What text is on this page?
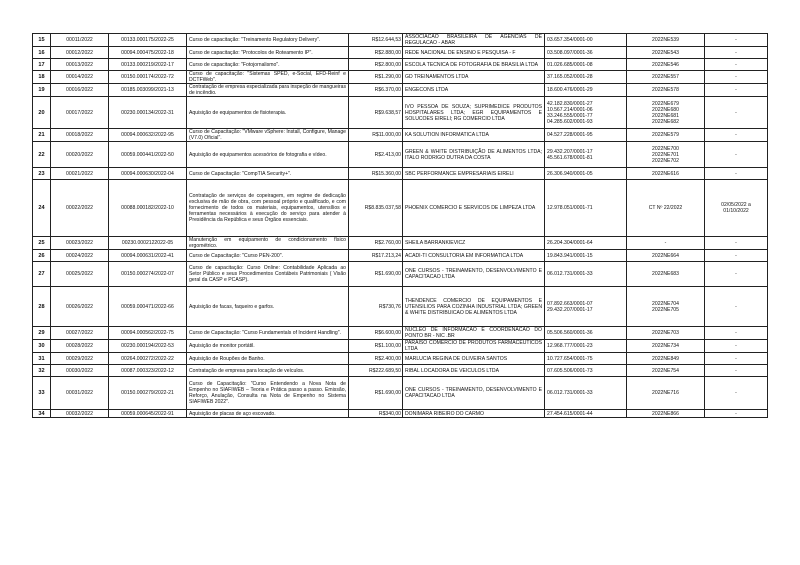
15	00011/2022	00133.000175/2022-25	Curso de capacitação: "Treinamento Regulatory Delivery".	R$12.644,53	ASSOCIACAO BRASILEIRA DE AGENCIAS DE REGULACAO - ABAR	03.657.354/0001-00	2022NE539	-

16	00012/2022	00094.000475/2022-18	Curso de capacitação: "Protocolos de Roteamento IP".	R$2.880,00	REDE NACIONAL DE ENSINO E PESQUISA - F	03.508.097/0001-36	2022NE543	-

17	00013/2022	00133.000219/2022-17	Curso de capacitação: "Fotojornalismo".	R$2.800,00	ESCOLA TECNICA DE FOTOGRAFIA DE BRASILIA LTDA	01.026.685/0001-08	2022NE546	-

18	00014/2022	00150.000174/2022-72	Curso de capacitação: "Sistemas SPED, e-Social, EFD-Reinf e DCTFWeb".	R$1.290,00	GD TREINAMENTOS LTDA	37.165.052/0001-28	2022NE557	-

19	00016/2022	00185.003099/2021-13	Contratação de empresa especializada para inspeção de mangueiras de incêndio.	R$6.370,00	ENGECONS LTDA	18.600.476/0001-29	2022NE578	-

20	00017/2022	00230.000134/2022-31	Aquisição de equipamentos de fisioterapia.	R$9.638,57	IVO PESSOA DE SOUZA; SUPRIMEDICE PRODUTOS HOSPITALARES LTDA; EGR EQUIPAMENTOS E SOLUCOES EIRELI; RG COMERCIO LTDA	42.182.830/0001-27
10.567.214/0001-06
33.246.555/0001-77
04.285.602/0001-93	2022NE679
2022NE680
2022NE681
2022NE682	-

21	00018/2022	00094.000632/2022-95	Curso de Capacitação: "VMware vSphere: Install, Configure, Manage (V7.0) Oficial".	R$11.000,00	KA SOLUTION INFORMATICA LTDA	04.527.228/0001-95	2022NE579	-

22	00020/2022	00059.000441/2022-50	Aquisição de equipamentos acessórios de fotografia e vídeo.	R$2.413,00	GREEN & WHITE DISTRIBUIÇÃO DE ALIMENTOS LTDA; ITALO RODRIGO DUTRA DA COSTA	29.432.207/0001-17
45.561.678/0001-81	2022NE700
2022NE701
2022NE702	-

23	00021/2022	00094.000630/2022-04	Curso de Capacitação: "CompTIA Security+".	R$15.360,00	SBC PERFORMANCE EMPRESARIAIS EIRELI	26.306.940/0001-05	2022NE616	-

24	00022/2022	00088.000182/2022-10	Contratação de serviços de copeiragem, em regime de dedicação exclusiva de mão de obra, com pessoal próprio e qualificado, e com fornecimento de todos os materiais, equipamentos, utensílios e ferramentas necessários à execução do serviço para atender à Presidência da República e seus Órgãos essenciais.	R$8.835.037,58	PHOENIX COMERCIO E SERVICOS DE LIMPEZA LTDA	12.978.051/0001-71	CT Nº 22/2022	02/05/2022 a
01/10/2022

25	00023/2022	00230.0002122022-05	Manutenção em equipamento de condicionamento físico ergométrico.	R$2.760,00	SHEILA BARRANKIEVICZ	26.204.304/0001-64	-	-

26	00024/2022	00094.000631/2022-41	Curso de Capacitação: "Curso PEN-200".	R$17.213,24	ACADI-TI CONSULTORIA EM INFORMATICA LTDA	19.843.941/0001-15	2022NE664	-

27	00025/2022	00150.000274/2022-07	Curso de capacitação: Curso Online: Contabilidade Aplicada ao Setor Público e seus Procedimentos Contábeis Patrimoniais ( Visão geral da CASP e PCASP).	R$1.690,00	ONE CURSOS - TREINAMENTO, DESENVOLVIMENTO E CAPACITACAO LTDA	06.012.731/0001-33	2022NE683	-

28	00026/2022	00059.000471/2022-66	Aquisição de facas, faqueiro e garfos.	R$730,76	THENDENCE COMERCIO DE EQUIPAMENTOS E UTENSILIOS PARA COZINHA INDUSTRIAL LTDA; GREEN & WHITE DISTRIBUICAO DE ALIMENTOS LTDA	07.892.663/0001-07
29.432.207/0001-17	2022NE704
2022NE705	-

29	00027/2022	00094.000562/2022-75	Curso de Capacitação: "Curso Fundamentals of Incident Handling".	R$6.600,00	NUCLEO DE INFORMACAO E COORDENACAO DO PONTO BR - NIC .BR	05.506.560/0001-36	2022NE703	-

30	00028/2022	00230.000194/2022-53	Aquisição de monitor portátil.	R$1.100,00	PARAISO COMERCIO DE PRODUTOS FARMACEUTICOS LTDA	12.968.777/0001-23	2022NE734	-

31	00029/2022	00264.000272/2022-22	Aquisição de Roupões de Banho.	R$2.400,00	MARLUCIA REGINA DE OLIVEIRA SANTOS	10.727.654/0001-75	2022NE849	-

32	00030/2022	00087.000323/2022-12	Contratação de empresa para locação de veículos.	R$222.689,50	RIBAL LOCADORA DE VEICULOS LTDA	07.605.506/0001-73	2022NE754	-

33	00031/2022	00150.000279/2022-21	Curso de Capacitação: "Curso Entendendo a Nova Nota de Empenho no SIAFIWEB – Teoria e Prática passo a passo. Emissão, Reforço, Anulação, Consulta na Nota de Empenho no Sistema SIAFIWEB 2022".	R$1.690,00	ONE CURSOS - TREINAMENTO, DESENVOLVIMENTO E CAPACITACAO LTDA	06.012.731/0001-33	2022NE716	-

34	00032/2022	00059.000645/2022-91	Aquisição de placas de aço escovado.	R$340,00	DONIMARA RIBEIRO DO CARMO	27.454.615/0001-44	2022NE866	-
